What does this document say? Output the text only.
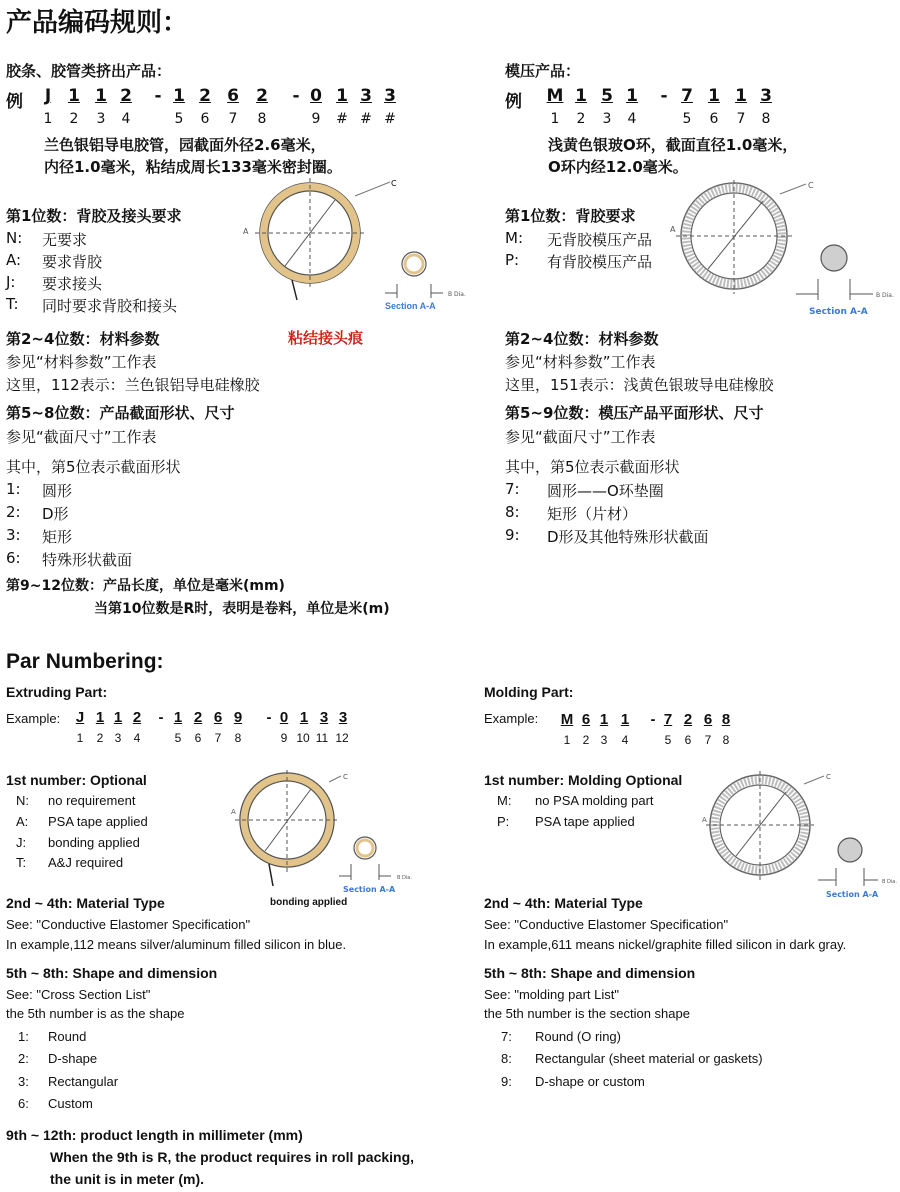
产品编码规则：
胶条、胶管类挤出产品：
例 J 1 1 2 - 1 2 6 2 - 0 1 3 3
1 2 3 4	5 6 7 8	9 # # #
兰色银铝导电胶管，园截面外径2.6毫米，
内径1.0毫米，粘结成周长133毫米密封圈。
第1位数：背胶及接头要求
N: 无要求
A: 要求背胶
J: 要求接头
T: 同时要求背胶和接头
C
A
B Dia.
Section A-A
粘结接头痕
第2~4位数：材料参数
参见“材料参数”工作表
这里，112表示：兰色银铝导电硅橡胶
第5~8位数：产品截面形状、尺寸
参见“截面尺寸”工作表
其中，第5位表示截面形状
1: 圆形
2: D形
3: 矩形
6: 特殊形状截面
第9~12位数：产品长度，单位是毫米(mm)
当第10位数是R时，表明是卷料，单位是米(m)
模压产品：
例 M 1 5 1 - 7 1 1 3
1	2 3 4	5 6 7 8
浅黄色银玻O环，截面直径1.0毫米，
O环内经12.0毫米。
第1位数：背胶要求
M: 无背胶模压产品
P: 有背胶模压产品
C
A
B Dia.
Section A-A
第2~4位数：材料参数
参见“材料参数”工作表
这里，151表示：浅黄色银玻导电硅橡胶
第5~9位数：模压产品平面形状、尺寸
参见“截面尺寸”工作表
其中，第5位表示截面形状
7: 圆形——O环垫圈
8: 矩形（片材）
9: D形及其他特殊形状截面
Par Numbering:
Extruding Part:
Example: J 1 1 2 - 1 2 6 9 - 0 1 3 3
1 2 3 4	5 6 7 8	9 10 11 12
1st number: Optional
N: no requirement
A: PSA tape applied
J: bonding applied
T: A&J required
C
A
B Dia.
Section A-A
bonding applied
2nd ~ 4th: Material Type
See: "Conductive Elastomer Specification"
In example,112 means silver/aluminum filled silicon in blue.
5th ~ 8th: Shape and dimension
See: "Cross Section List"
the 5th number is as the shape
1: Round
2: D-shape
3: Rectangular
6: Custom
9th ~ 12th: product length in millimeter (mm)
When the 9th is R, the product requires in roll packing,
the unit is in meter (m).
Molding Part:
Example: M 6 1 1 - 7 2 6 8
1 2 3 4	5 6 7 8
1st number: Molding Optional
M: no PSA molding part
P: PSA tape applied
C
A
B Dia.
Section A-A
2nd ~ 4th: Material Type
See: "Conductive Elastomer Specification"
In example,611 means nickel/graphite filled silicon in dark gray.
5th ~ 8th: Shape and dimension
See: "molding part List"
the 5th number is the section shape
7: Round (O ring)
8: Rectangular (sheet material or gaskets)
9: D-shape or custom
